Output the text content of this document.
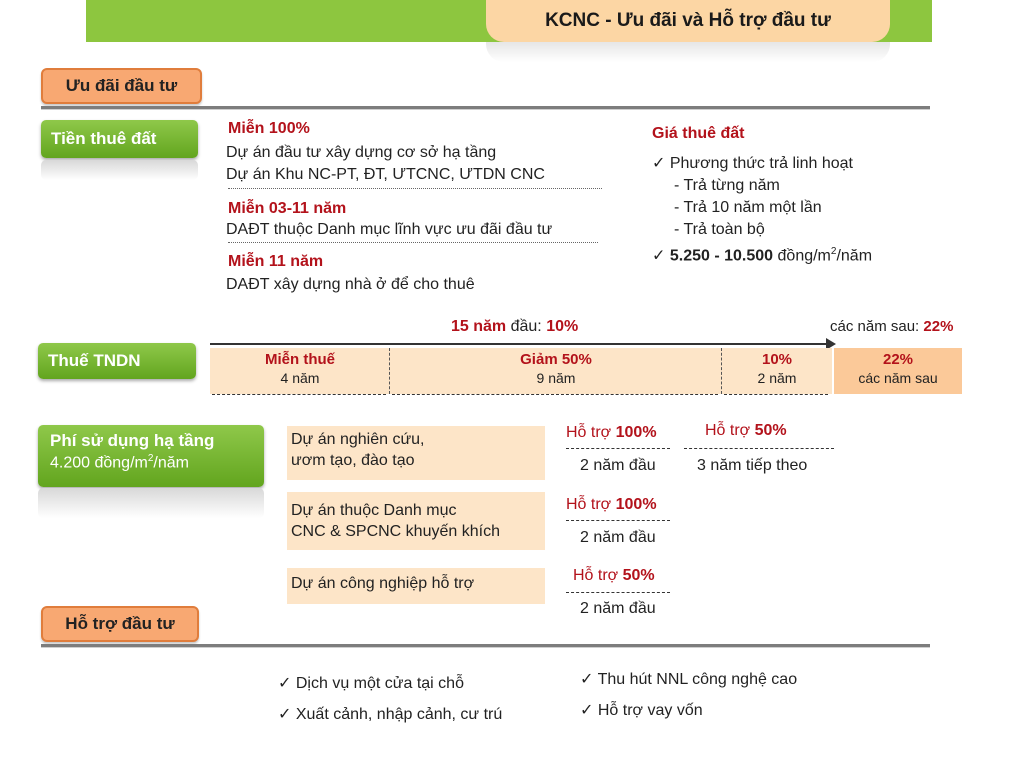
KCNC - Ưu đãi và Hỗ trợ đầu tư
Ưu đãi đầu tư
Tiền thuê đất
Miễn 100%
Dự án đầu tư xây dựng cơ sở hạ tầng
Dự án Khu NC-PT, ĐT, ƯTCNC, ƯTDN CNC
Miễn 03-11 năm
DAĐT thuộc Danh mục lĩnh vực ưu đãi đầu tư
Miễn 11 năm
DAĐT xây dựng nhà ở để cho thuê
Giá thuê đất
✓ Phương thức trả linh hoạt
- Trả từng năm
- Trả 10 năm một lần
- Trả toàn bộ
✓ 5.250 - 10.500 đồng/$m^2$/năm
15 năm đầu: 10%	các năm sau: 22%
Thuế TNDN	Miễn thuế
4 năm
Giảm 50%
9 năm
10%
2 năm
22%
các năm sau
Phí sử dụng hạ tầng
4.200 đồng/$m^2$/năm
Dự án nghiên cứu,
ươm tạo, đào tạo
Dự án thuộc Danh mục
CNC & SPCNC khuyến khích
Dự án công nghiệp hỗ trợ
Hỗ trợ 100%
2 năm đầu
Hỗ trợ 50%
3 năm tiếp theo
Hỗ trợ 100%
2 năm đầu
Hỗ trợ 50%
2 năm đầu
Hỗ trợ đầu tư
✓ Dịch vụ một cửa tại chỗ
✓ Xuất cảnh, nhập cảnh, cư trú
✓ Thu hút NNL công nghệ cao
✓ Hỗ trợ vay vốn
